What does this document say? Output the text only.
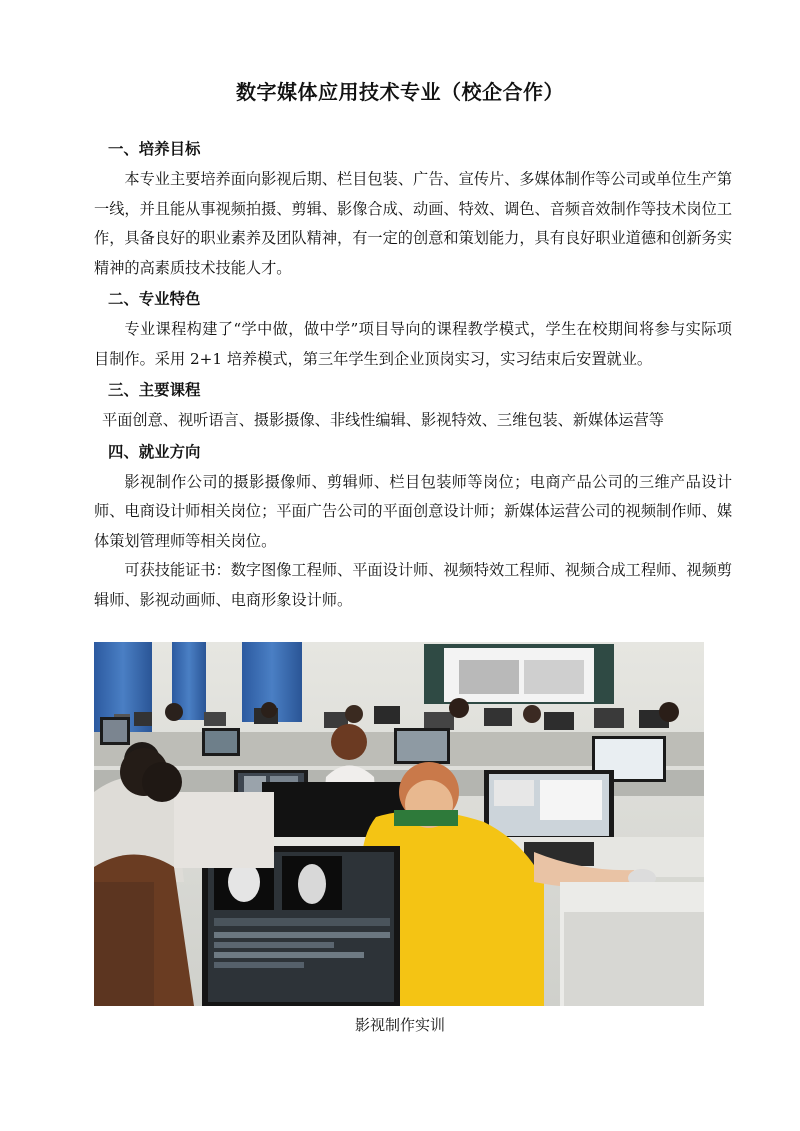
数字媒体应用技术专业（校企合作）
一、培养目标

本专业主要培养面向影视后期、栏目包装、广告、宣传片、多媒体制作等公司或单位生产第一线，并且能从事视频拍摄、剪辑、影像合成、动画、特效、调色、音频音效制作等技术岗位工作，具备良好的职业素养及团队精神，有一定的创意和策划能力，具有良好职业道德和创新务实精神的高素质技术技能人才。

二、专业特色

专业课程构建了“学中做，做中学”项目导向的课程教学模式，学生在校期间将参与实际项目制作。采用 2+1 培养模式，第三年学生到企业顶岗实习，实习结束后安置就业。

三、主要课程

平面创意、视听语言、摄影摄像、非线性编辑、影视特效、三维包装、新媒体运营等

四、就业方向

影视制作公司的摄影摄像师、剪辑师、栏目包装师等岗位；电商产品公司的三维产品设计师、电商设计师相关岗位；平面广告公司的平面创意设计师；新媒体运营公司的视频制作师、媒体策划管理师等相关岗位。

可获技能证书：数字图像工程师、平面设计师、视频特效工程师、视频合成工程师、视频剪辑师、影视动画师、电商形象设计师。

影视制作实训
